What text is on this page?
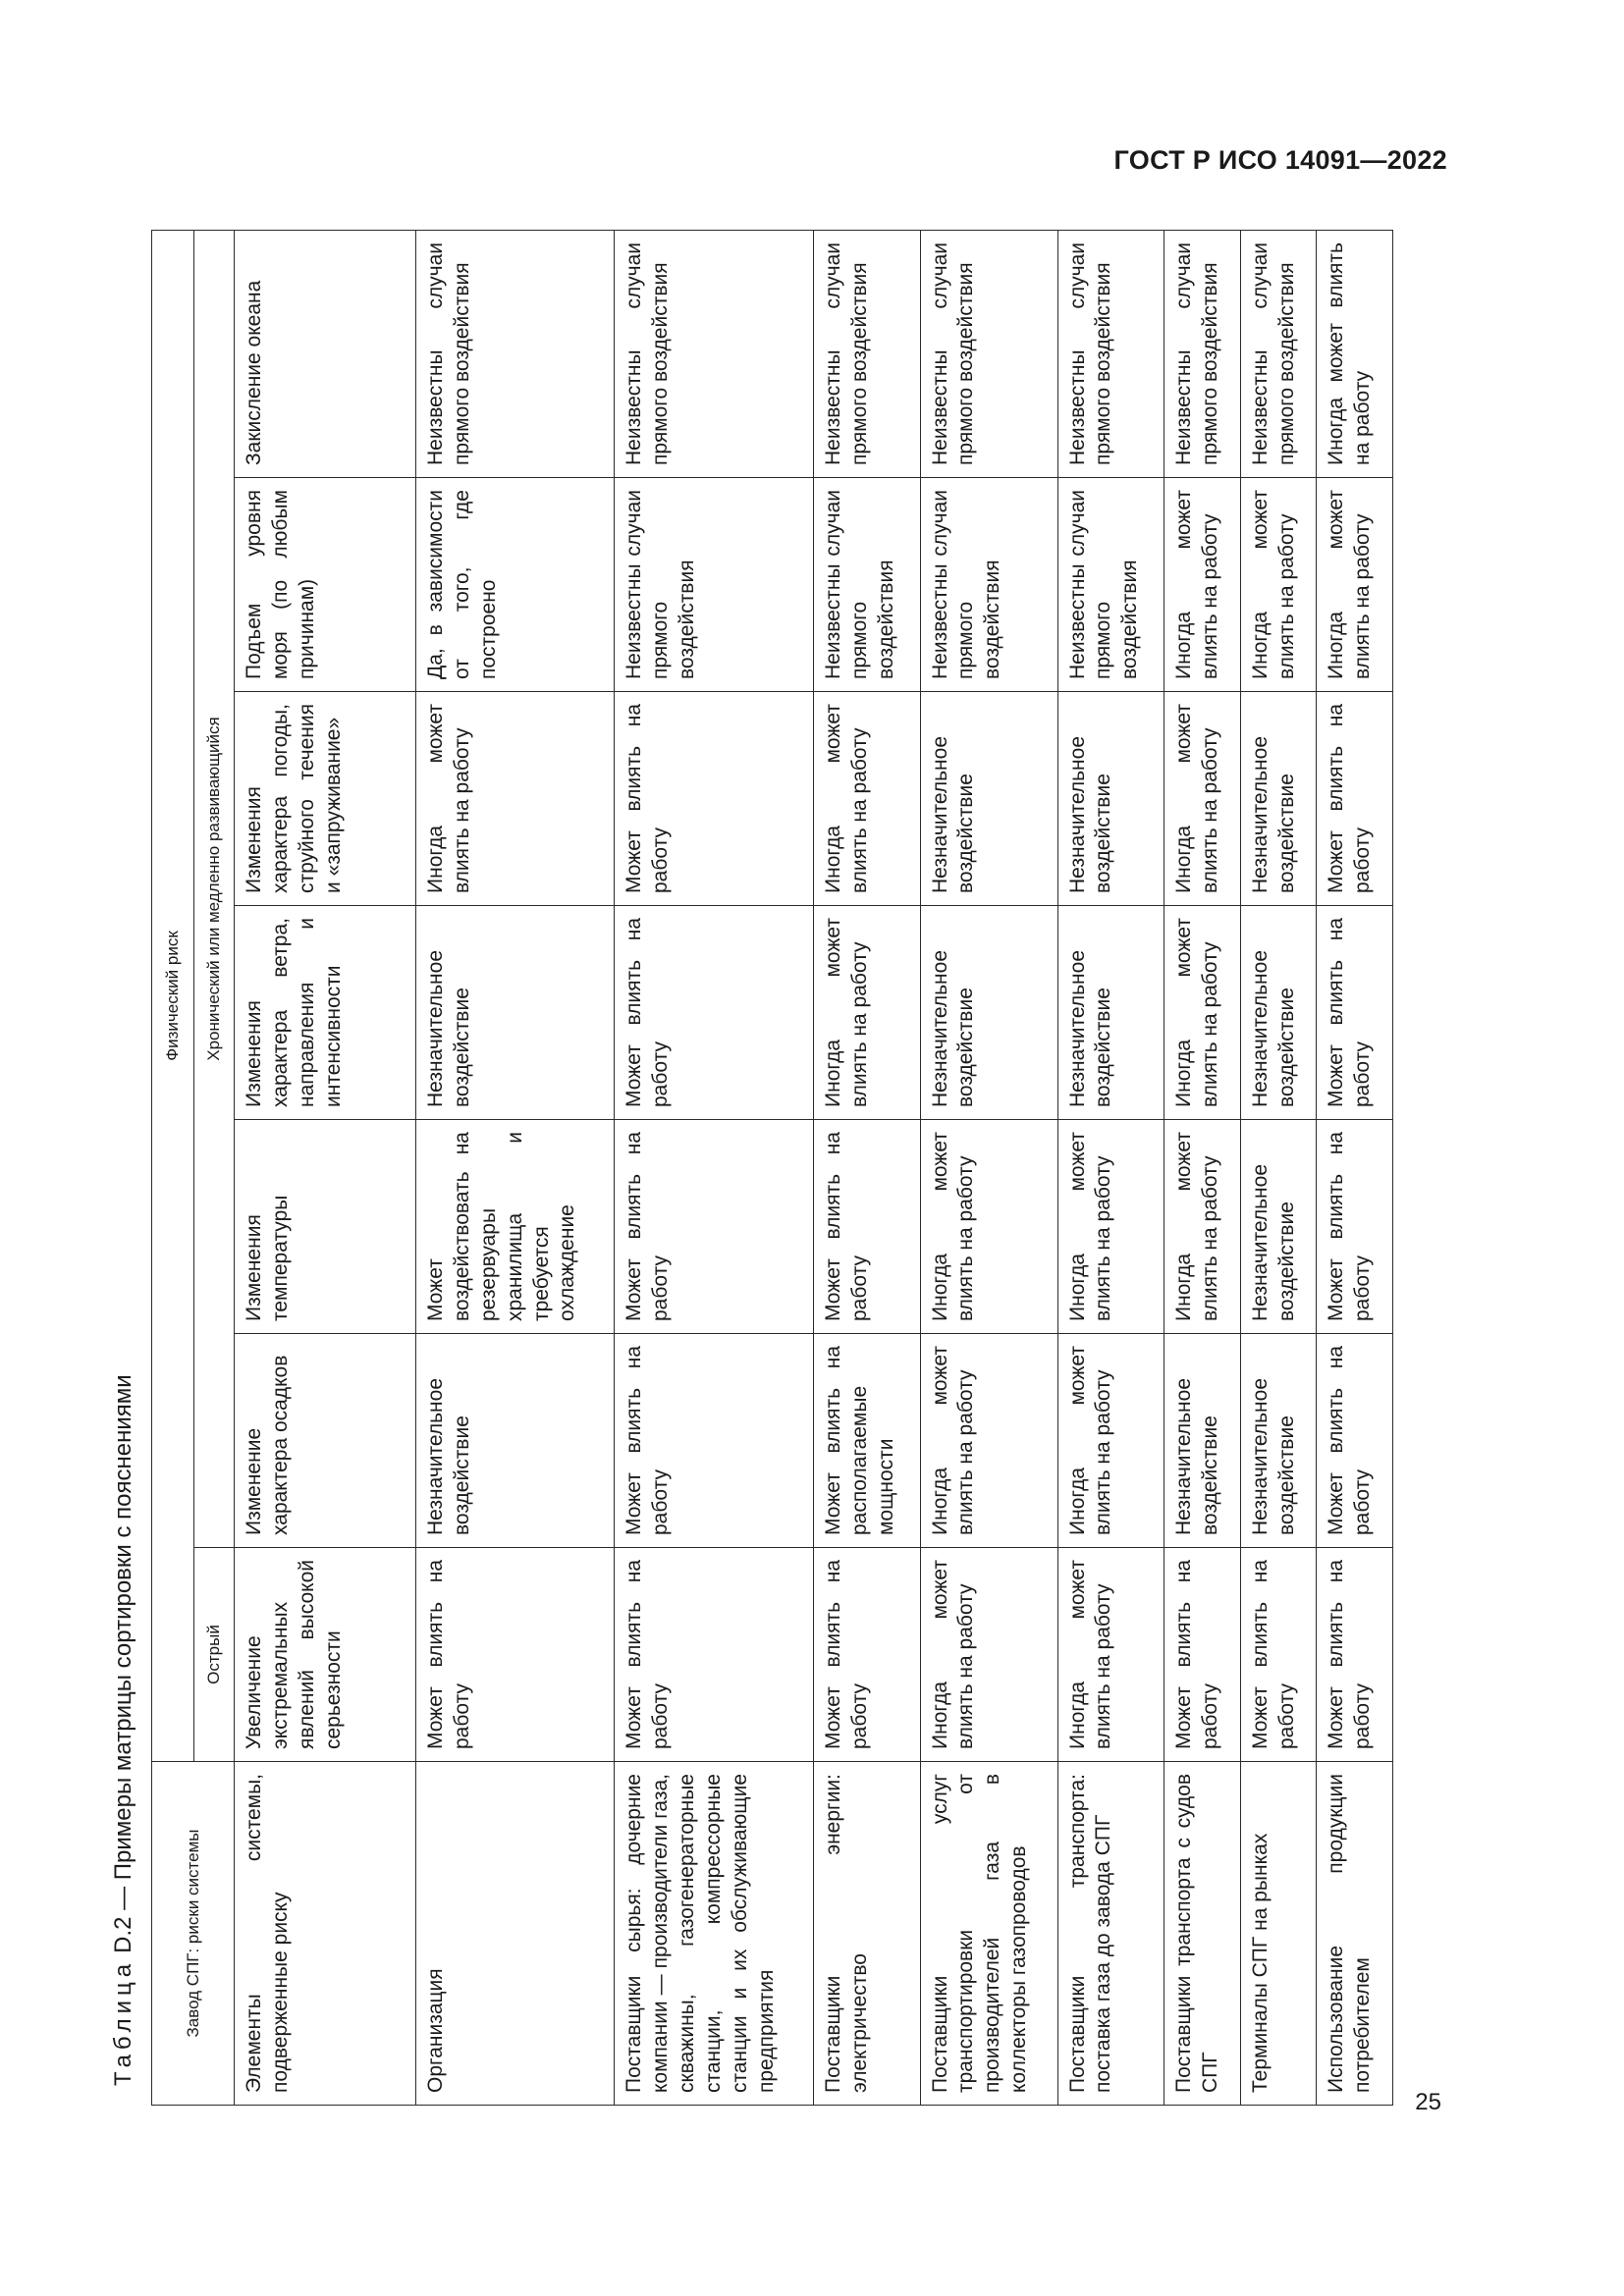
ГОСТ Р ИСО 14091—2022
ТаблицаD.2 — Примеры матрицы сортировки с пояснениями	Завод СПГ: риски системы	Физический риск						
	Острый	Хронический или медленно развивающийся					
Элементы системы, подверженные риску	Увеличение экстремальных явлений высокой серьезности	Изменение характера осадков	Изменения температуры	Изменения характера ветра, направления и интенсивности	Изменения характера погоды, струйного течения и «запруживание»	Подъем уровня моря (по любым причинам)	Закисление океана
Организация	Может влиять на работу	Незначительное воздействие	Может воздействовать на резервуары хранилища и требуется охлаждение	Незначительное воздействие	Иногда может влиять на работу	Да, в зависимости от того, где построено	Неизвестны случаи прямого воздействия
Поставщики сырья: дочерние компании — производители газа, скважины, газогенераторные станции, компрессорные станции и их обслуживающие предприятия	Может влиять на работу	Может влиять на работу	Может влиять на работу	Может влиять на работу	Может влиять на работу	Неизвестны случаи прямого воздействия	Неизвестны случаи прямого воздействия
Поставщики энергии: электричество	Может влиять на работу	Может влиять на располагаемые мощности	Может влиять на работу	Иногда может влиять на работу	Иногда может влиять на работу	Неизвестны случаи прямого воздействия	Неизвестны случаи прямого воздействия
Поставщики услуг транспортировки от производителей газа в коллекторы газопроводов	Иногда может влиять на работу	Иногда может влиять на работу	Иногда может влиять на работу	Незначительное воздействие	Незначительное воздействие	Неизвестны случаи прямого воздействия	Неизвестны случаи прямого воздействия
Поставщики транспорта: поставка газа до завода СПГ	Иногда может влиять на работу	Иногда может влиять на работу	Иногда может влиять на работу	Незначительное воздействие	Незначительное воздействие	Неизвестны случаи прямого воздействия	Неизвестны случаи прямого воздействия
Поставщики транспорта с судов СПГ	Может влиять на работу	Незначительное воздействие	Иногда может влиять на работу	Иногда может влиять на работу	Иногда может влиять на работу	Иногда может влиять на работу	Неизвестны случаи прямого воздействия
Терминалы СПГ на рынках	Может влиять на работу	Незначительное воздействие	Незначительное воздействие	Незначительное воздействие	Незначительное воздействие	Иногда может влиять на работу	Неизвестны случаи прямого воздействия
Использование продукции потребителем	Может влиять на работу	Может влиять на работу	Может влиять на работу	Может влиять на работу	Может влиять на работу	Иногда может влиять на работу	Иногда может влиять на работу
25
